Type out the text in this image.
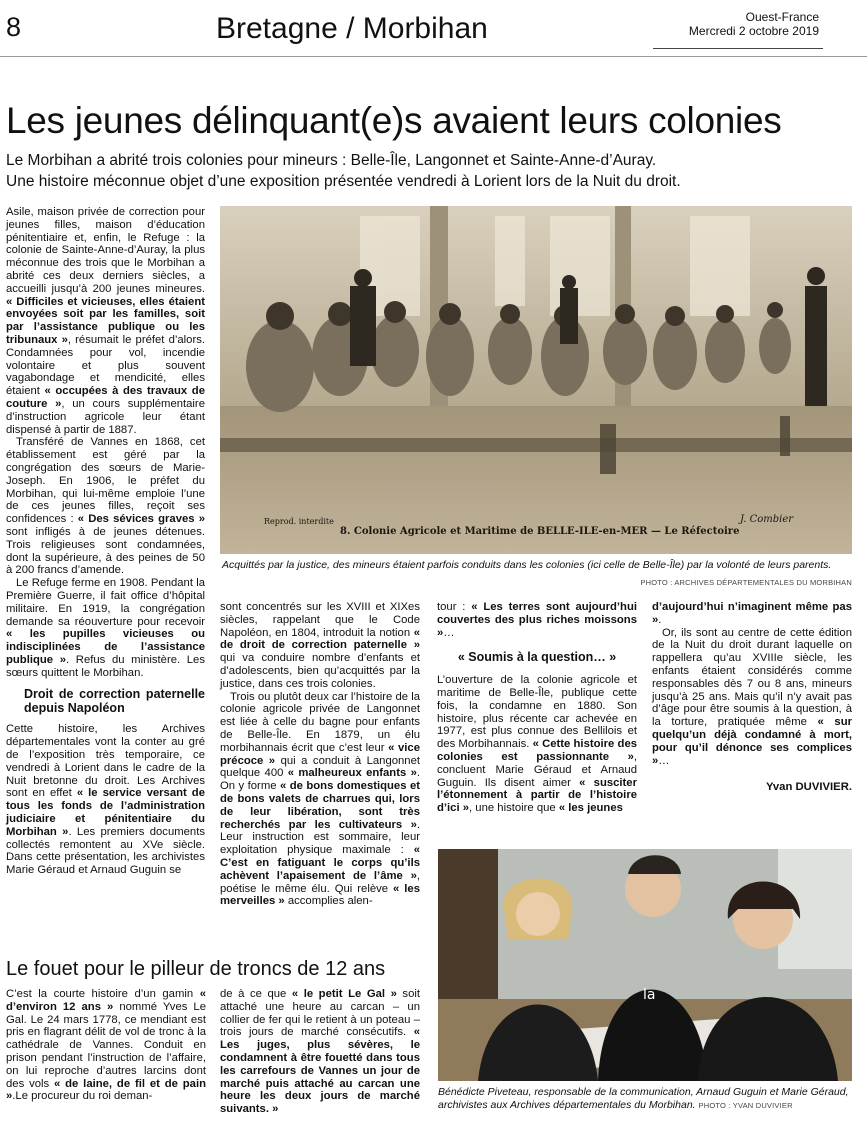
8	Bretagne / Morbihan	Ouest-France
Mercredi 2 octobre 2019
Les jeunes délinquant(e)s avaient leurs colonies
Le Morbihan a abrité trois colonies pour mineurs : Belle-Île, Langonnet et Sainte-Anne-d’Auray.
Une histoire méconnue objet d’une exposition présentée vendredi à Lorient lors de la Nuit du droit.

Asile, maison privée de correction pour jeunes filles, maison d’éducation pénitentiaire et, enfin, le Refuge : la colonie de Sainte-Anne-d’Auray, la plus méconnue des trois que le Morbihan a abrité ces deux derniers siècles, a accueilli jusqu’à 200 jeunes mineures. « Difficiles et vicieuses, elles étaient envoyées soit par les familles, soit par l’assistance publique ou les tribunaux », résumait le préfet d’alors. Condamnées pour vol, incendie volontaire et plus souvent vagabondage et mendicité, elles étaient « occupées à des travaux de couture », un cours supplémentaire d’instruction agricole leur étant dispensé à partir de 1887.

Transféré de Vannes en 1868, cet établissement est géré par la congrégation des sœurs de Marie-Joseph. En 1906, le préfet du Morbihan, qui lui-même emploie l’une de ces jeunes filles, reçoit ses confidences : « Des sévices graves » sont infligés à de jeunes détenues. Trois religieuses sont condamnées, dont la supérieure, à des peines de 50 à 200 francs d’amende.

Le Refuge ferme en 1908. Pendant la Première Guerre, il fait office d’hôpital militaire. En 1919, la congrégation demande sa réouverture pour recevoir « les pupilles vicieuses ou indisciplinées de l’assistance publique ». Refus du ministère. Les sœurs quittent le Morbihan.

Droit de correction paternelle depuis Napoléon

Cette histoire, les Archives départementales vont la conter au gré de l’exposition très temporaire, ce vendredi à Lorient dans le cadre de la Nuit bretonne du droit. Les Archives sont en effet « le service versant de tous les fonds de l’administration judiciaire et pénitentiaire du Morbihan ». Les premiers documents collectés remontent au XVe siècle. Dans cette présentation, les archivistes Marie Géraud et Arnaud Guguin se

8. Colonie Agricole et Maritime de BELLE-ILE-en-MER — Le Réfectoire
Reprod. interdite	J. Combier
Acquittés par la justice, des mineurs étaient parfois conduits dans les colonies (ici celle de Belle-Île) par la volonté de leurs parents.
PHOTO : ARCHIVES DÉPARTEMENTALES DU MORBIHAN

sont concentrés sur les XVIII et XIXes siècles, rappelant que le Code Napoléon, en 1804, introduit la notion « de droit de correction paternelle » qui va conduire nombre d’enfants et d’adolescents, bien qu’acquittés par la justice, dans ces trois colonies.

Trois ou plutôt deux car l’histoire de la colonie agricole privée de Langonnet est liée à celle du bagne pour enfants de Belle-Île. En 1879, un élu morbihannais écrit que c’est leur « vice précoce » qui a conduit à Langonnet quelque 400 « malheureux enfants ». On y forme « de bons domestiques et de bons valets de charrues qui, lors de leur libération, sont très recherchés par les cultivateurs ». Leur instruction est sommaire, leur exploitation physique maximale : « C’est en fatiguant le corps qu’ils achèvent l’apaisement de l’âme », poétise le même élu. Qui relève « les merveilles » accomplies alen-

tour : « Les terres sont aujourd’hui couvertes des plus riches moissons »…

« Soumis à la question… »

L’ouverture de la colonie agricole et maritime de Belle-Île, publique cette fois, la condamne en 1880. Son histoire, plus récente car achevée en 1977, est plus connue des Bellilois et des Morbihannais. « Cette histoire des colonies est passionnante », concluent Marie Géraud et Arnaud Guguin. Ils disent aimer « susciter l’étonnement à partir de l’histoire d’ici », une histoire que « les jeunes

d’aujourd’hui n’imaginent même pas ».

Or, ils sont au centre de cette édition de la Nuit du droit durant laquelle on rappellera qu’au XVIIIe siècle, les enfants étaient considérés comme responsables dès 7 ou 8 ans, mineurs jusqu’à 25 ans. Mais qu’il n’y avait pas d’âge pour être soumis à la question, à la torture, pratiquée même « sur quelqu’un déjà condamné à mort, pour qu’il dénonce ses complices »…

Yvan DUVIVIER.

Le fouet pour le pilleur de troncs de 12 ans

C’est la courte histoire d’un gamin « d’environ 12 ans » nommé Yves Le Gal. Le 24 mars 1778, ce mendiant est pris en flagrant délit de vol de tronc à la cathédrale de Vannes. Conduit en prison pendant l’instruction de l’affaire, on lui reproche d’autres larcins dont des vols « de laine, de fil et de pain ».Le procureur du roi deman-

de à ce que « le petit Le Gal » soit attaché une heure au carcan – un collier de fer qui le retient à un poteau – trois jours de marché consécutifs. « Les juges, plus sévères, le condamnent à être fouetté dans tous les carrefours de Vannes un jour de marché puis attaché au carcan une heure les deux jours de marché suivants. »

la
Bénédicte Piveteau, responsable de la communication, Arnaud Guguin et Marie Géraud, archivistes aux Archives départementales du Morbihan. PHOTO : YVAN DUVIVIER
